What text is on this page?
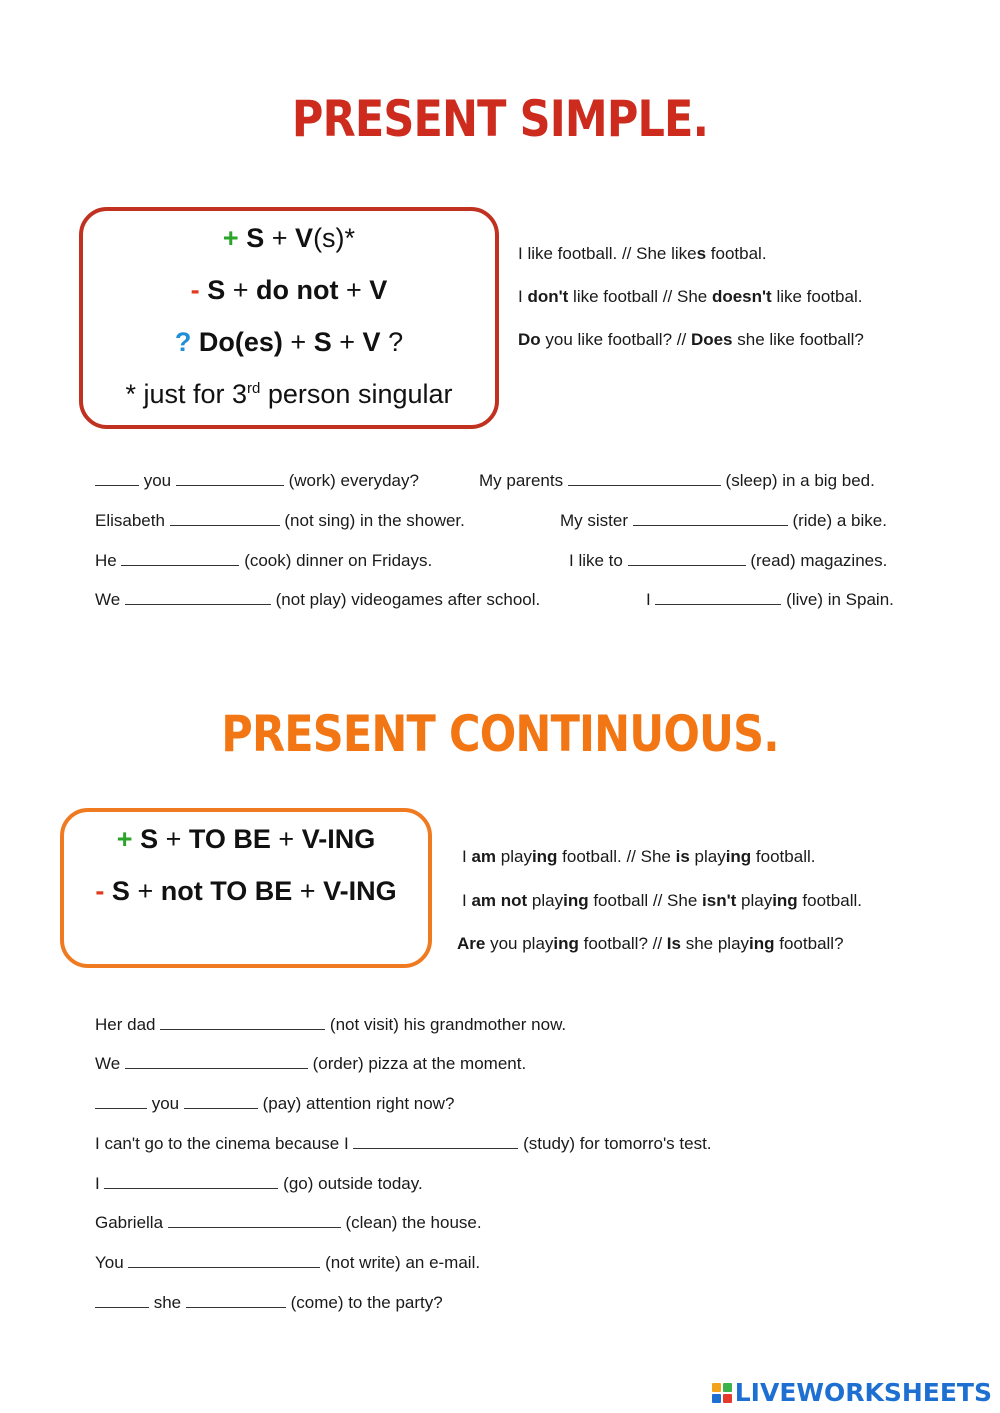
PRESENT SIMPLE.
+ S + V(s)*
- S + do not + V
? Do(es) + S + V ?
* just for 3rd person singular
I like football. // She likes footbal.
I don't like football // She doesn't like footbal.
Do you like football? // Does she like football?
you	(work) everyday?	My parents	(sleep) in a big bed.
Elisabeth	(not sing) in the shower.	My sister	(ride) a bike.
He	(cook) dinner on Fridays.	I like to	(read) magazines.
We	(not play) videogames after school.	I	(live) in Spain.
PRESENT CONTINUOUS.
+ S + TO BE + V-ING
- S + not TO BE + V-ING
I am playing football. // She is playing football.
I am not playing football // She isn't playing football.
Are you playing football? // Is she playing football?
Her dad	(not visit) his grandmother now.
We	(order) pizza at the moment.
you	(pay) attention right now?
I can't go to the cinema because I	(study) for tomorro's test.
I	(go) outside today.
Gabriella	(clean) the house.
You	(not write) an e-mail.
she	(come) to the party?
LIVEWORKSHEETS
